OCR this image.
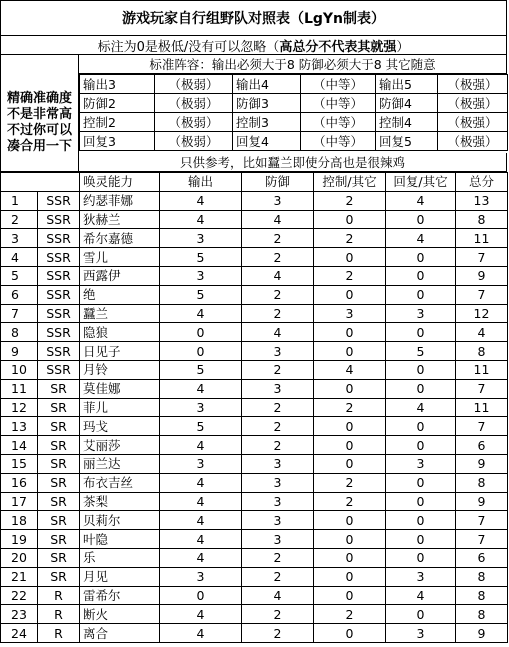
游戏玩家自行组野队对照表（LgYn制表）
标注为0是极低/没有可以忽略（ 高总分不代表其就强 ）
精确准确度不是非常高不过你可以凑合用一下
标准阵容：输出必须大于8 防御必须大于8 其它随意
输出3	（极弱）	输出4	（中等）	输出5	（极强）
防御2	（极弱）	防御3	（中等）	防御4	（极强）
控制2	（极弱）	控制3	（中等）	控制4	（极强）
回复3	（极弱）	回复4	（中等）	回复5	（极强）
只供参考，比如蠶兰即使分高也是很辣鸡
		唤灵能力	输出	防御	控制/其它	回复/其它	总分
1	SSR	约瑟菲娜	4	3	2	4	13
2	SSR	狄赫兰	4	4	0	0	8
3	SSR	希尔嘉德	3	2	2	4	11
4	SSR	雪儿	5	2	0	0	7
5	SSR	西露伊	3	4	2	0	9
6	SSR	绝	5	2	0	0	7
7	SSR	蠶兰	4	2	3	3	12
8	SSR	隐狼	0	4	0	0	4
9	SSR	日见子	0	3	0	5	8
10	SSR	月铃	5	2	4	0	11
11	SR	莫佳娜	4	3	0	0	7
12	SR	菲儿	3	2	2	4	11
13	SR	玛戈	5	2	0	0	7
14	SR	艾丽莎	4	2	0	0	6
15	SR	丽兰达	3	3	0	3	9
16	SR	布衣吉丝	4	3	2	0	8
17	SR	茶梨	4	3	2	0	9
18	SR	贝莉尔	4	3	0	0	7
19	SR	叶隐	4	3	0	0	7
20	SR	乐	4	2	0	0	6
21	SR	月见	3	2	0	3	8
22	R	雷希尔	0	4	0	4	8
23	R	断火	4	2	2	0	8
24	R	离合	4	2	0	3	9
